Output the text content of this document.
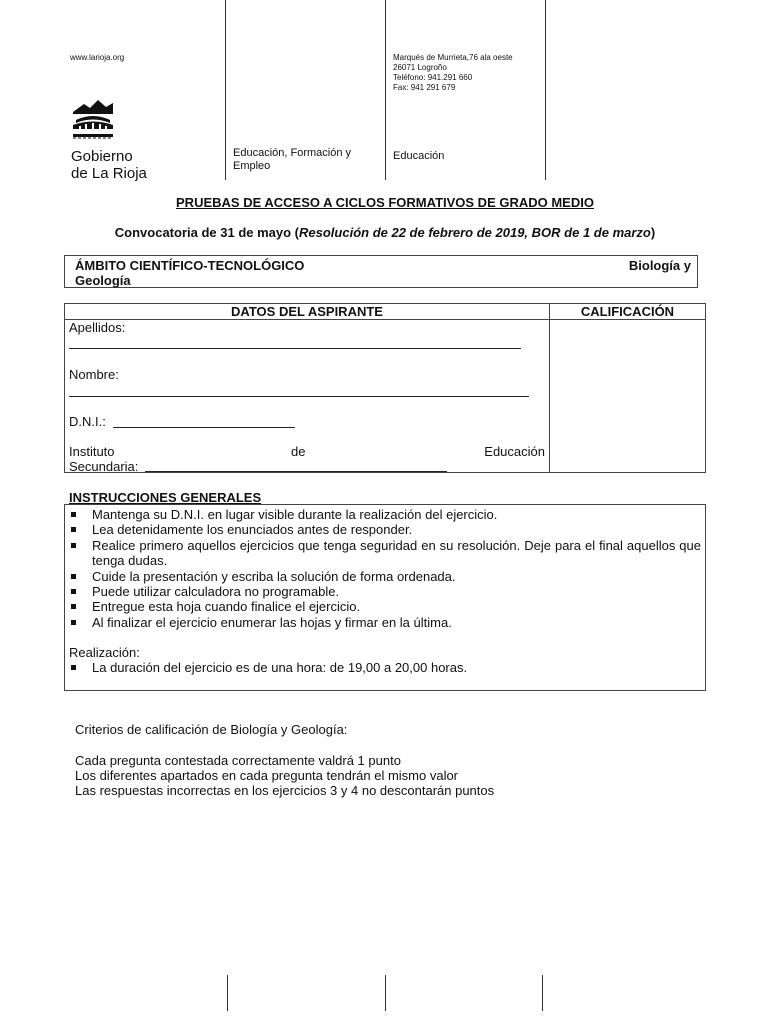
www.larioja.org
Gobierno
de La Rioja
Educación, Formación y
Empleo
Educación
Marqués de Murrieta,76 ala oeste
26071 Logroño
Teléfono: 941.291 660
Fax: 941 291 679
PRUEBAS DE ACCESO A CICLOS FORMATIVOS DE GRADO MEDIO
Convocatoria de 31 de mayo (Resolución de 22 de febrero de 2019, BOR de 1 de marzo)
ÁMBITO CIENTÍFICO-TECNOLÓGICO	Biología y
Geología
DATOS DEL ASPIRANTE	CALIFICACIÓN
Apellidos:
Nombre:
D.N.I.:
Instituto	de	Educación
Secundaria:
INSTRUCCIONES GENERALES
Mantenga su D.N.I. en lugar visible durante la realización del ejercicio.
Lea detenidamente los enunciados antes de responder.
Realice primero aquellos ejercicios que tenga seguridad en su resolución. Deje para el final aquellos que tenga dudas.
Cuide la presentación y escriba la solución de forma ordenada.
Puede utilizar calculadora no programable.
Entregue esta hoja cuando finalice el ejercicio.
Al finalizar el ejercicio enumerar las hojas y firmar en la última.
Realización:
La duración del ejercicio es de una hora: de 19,00 a 20,00 horas.
Criterios de calificación de Biología y Geología:
Cada pregunta contestada correctamente valdrá 1 punto
Los diferentes apartados en cada pregunta tendrán el mismo valor
Las respuestas incorrectas en los ejercicios 3 y 4 no descontarán puntos
